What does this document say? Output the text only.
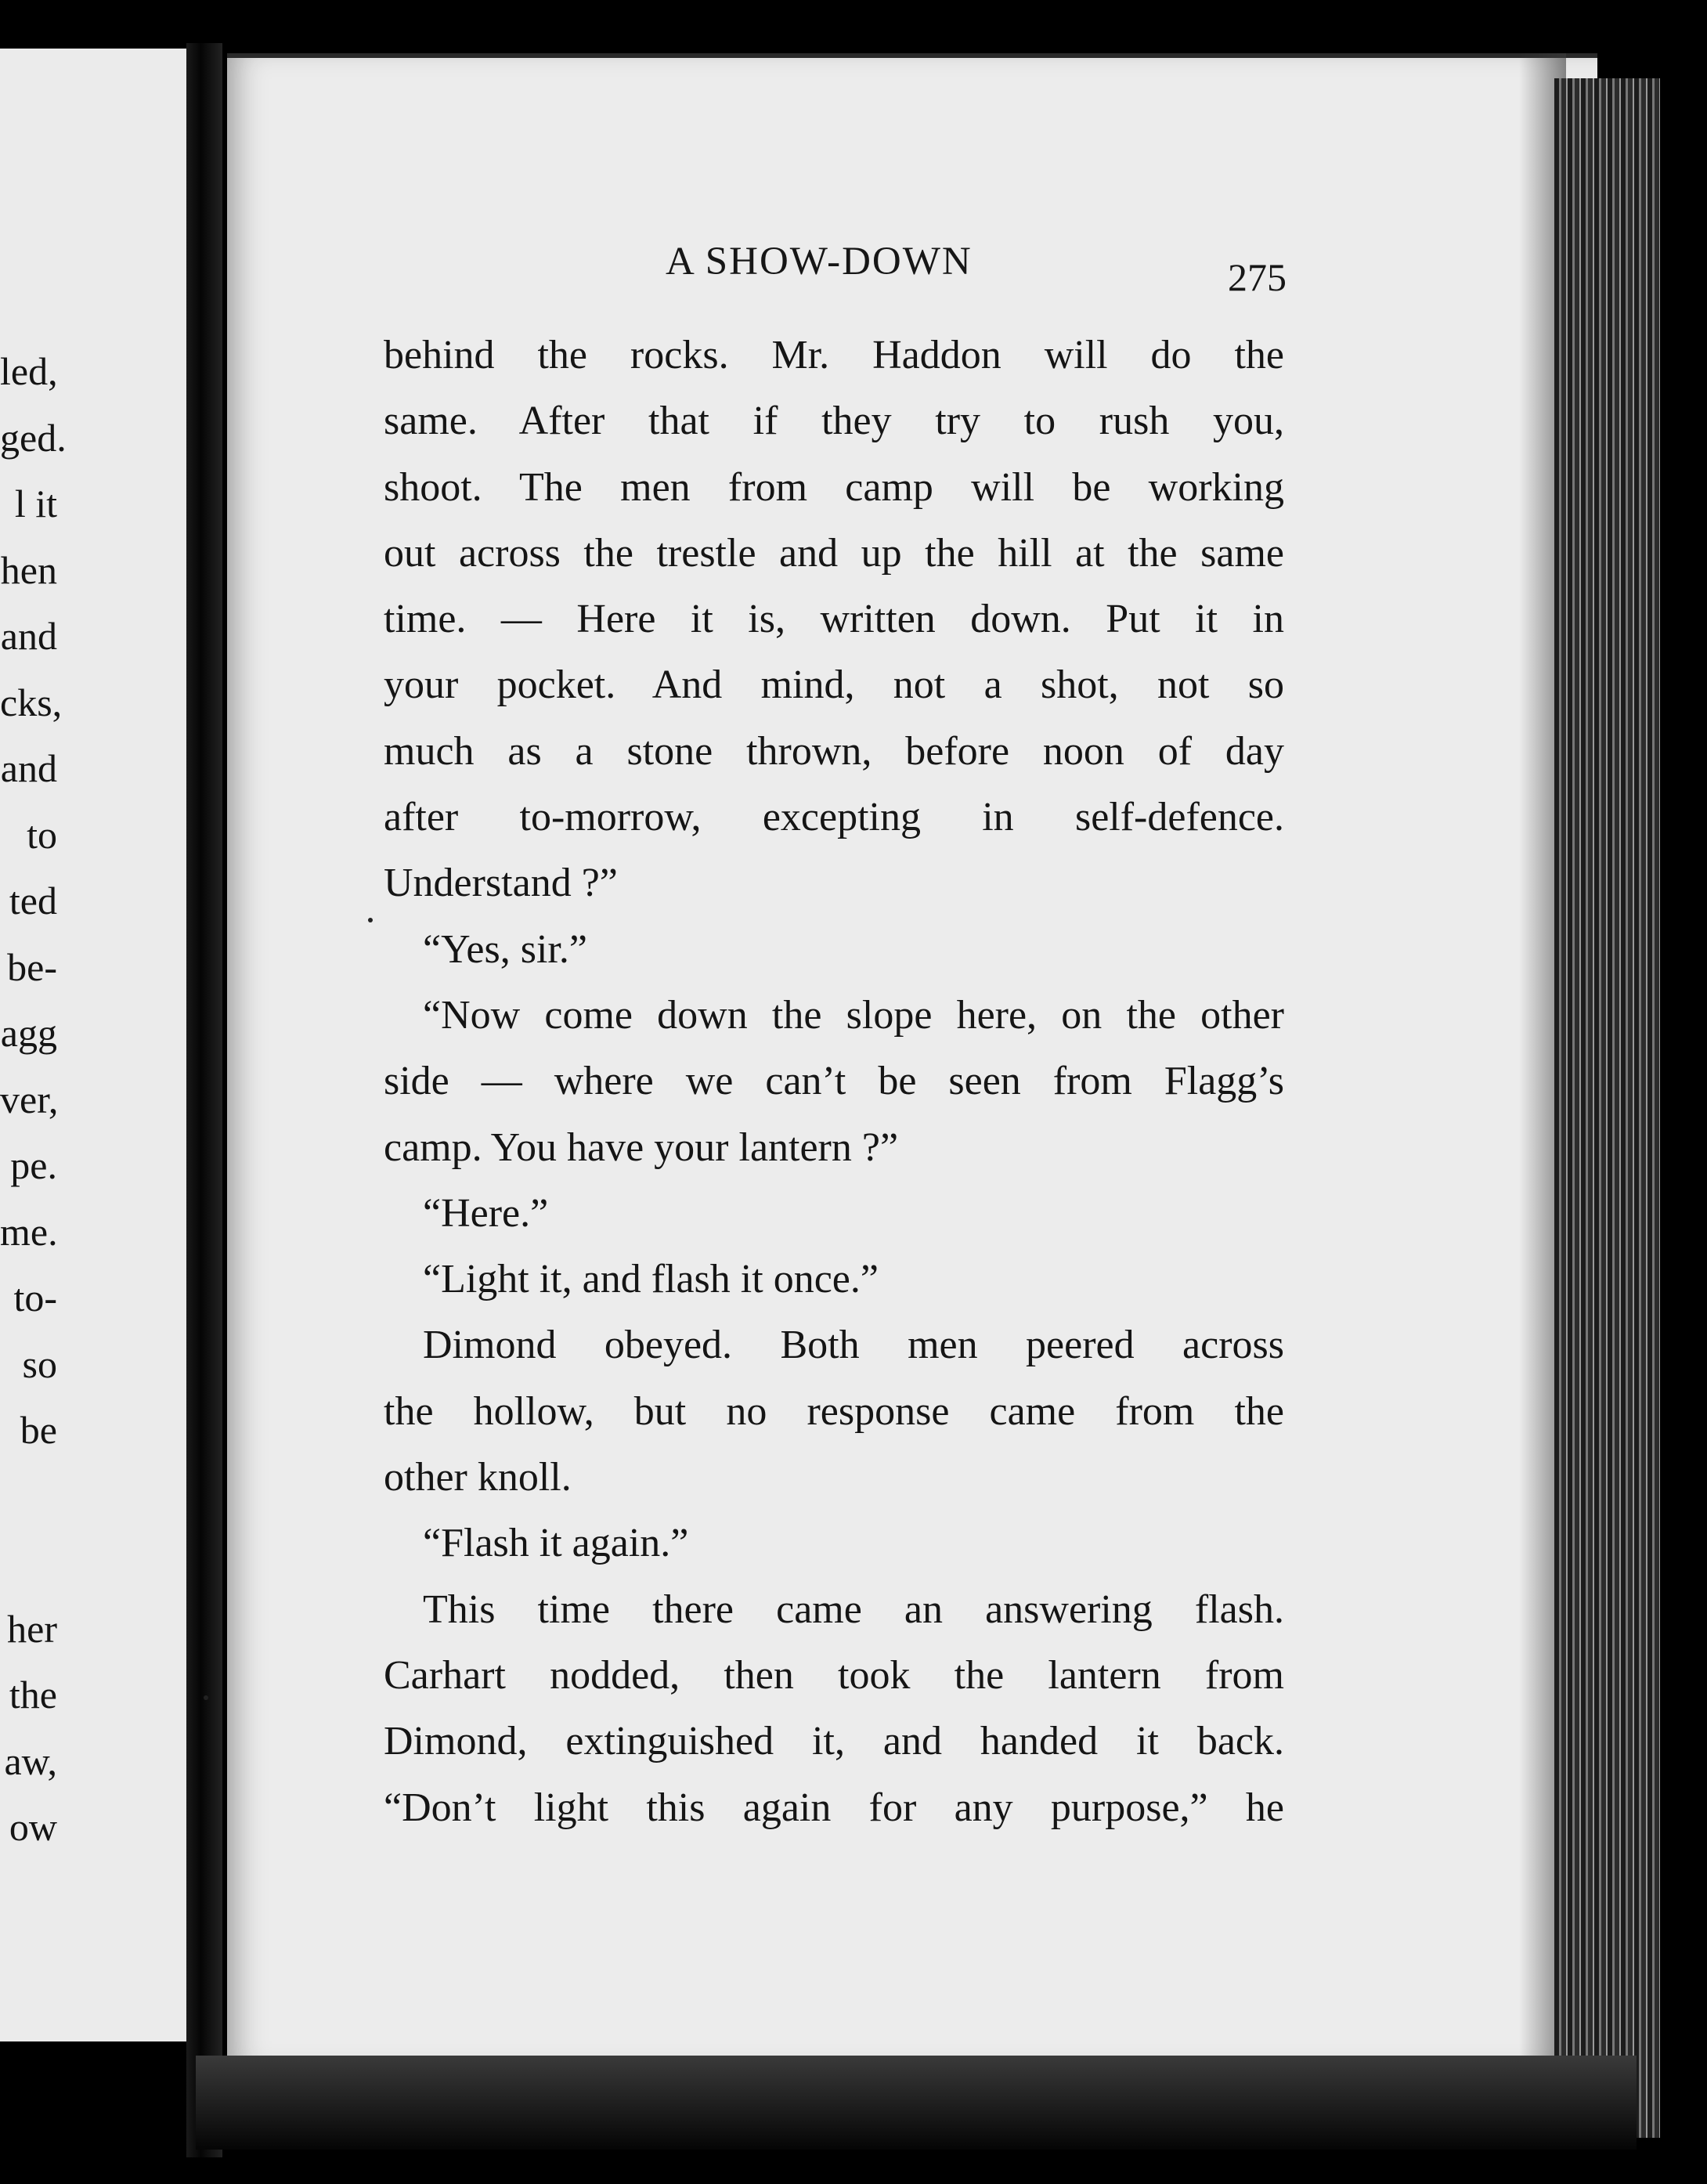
led,
ged.
l it
hen
and
cks,
and
to
ted
be-
agg
ver,
pe.
me.
to-
so
be
her
the
aw,
ow
A SHOW-DOWN	275
behind the rocks. Mr. Haddon will do the
same. After that if they try to rush you,
shoot. The men from camp will be working
out across the trestle and up the hill at the same
time. — Here it is, written down. Put it in
your pocket. And mind, not a shot, not so
much as a stone thrown, before noon of day
after to-morrow, excepting in self-defence.
Understand ?”
“Yes, sir.”
“Now come down the slope here, on the other
side — where we can’t be seen from Flagg’s
camp. You have your lantern ?”
“Here.”
“Light it, and flash it once.”
Dimond obeyed. Both men peered across
the hollow, but no response came from the
other knoll.
“Flash it again.”
This time there came an answering flash.
Carhart nodded, then took the lantern from
Dimond, extinguished it, and handed it back.
“Don’t light this again for any purpose,” he
